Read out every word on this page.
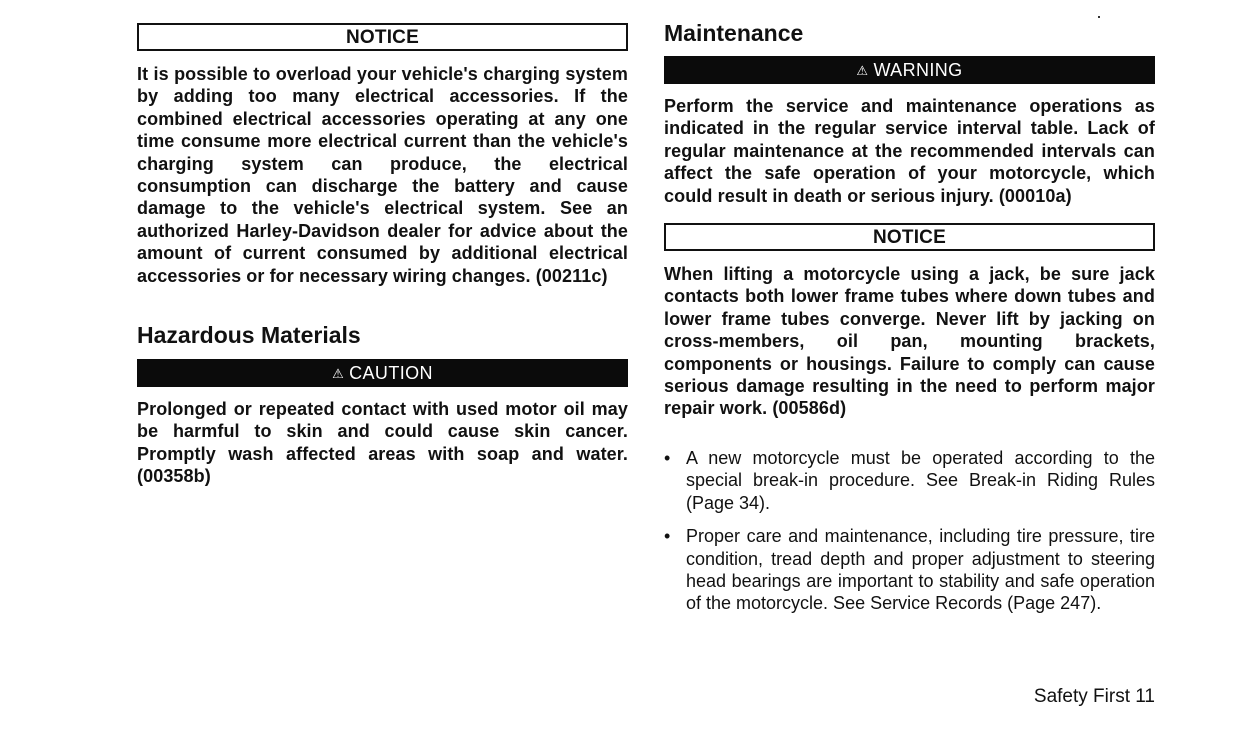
NOTICE

It is possible to overload your vehicle's charging system by adding too many electrical accessories. If the combined electrical accessories operating at any one time consume more electrical current than the vehicle's charging system can produce, the electrical consumption can discharge the battery and cause damage to the vehicle's electrical system. See an authorized Harley-Davidson dealer for advice about the amount of current consumed by additional electrical accessories or for necessary wiring changes. (00211c)

Hazardous Materials
⚠ CAUTION

Prolonged or repeated contact with used motor oil may be harmful to skin and could cause skin cancer. Promptly wash affected areas with soap and water. (00358b)

Maintenance
⚠ WARNING

Perform the service and maintenance operations as indicated in the regular service interval table. Lack of regular maintenance at the recommended intervals can affect the safe operation of your motorcycle, which could result in death or serious injury. (00010a)

NOTICE

When lifting a motorcycle using a jack, be sure jack contacts both lower frame tubes where down tubes and lower frame tubes converge. Never lift by jacking on cross-members, oil pan, mounting brackets, components or housings. Failure to comply can cause serious damage resulting in the need to perform major repair work. (00586d)

• A new motorcycle must be operated according to the special break-in procedure. See Break-in Riding Rules (Page 34).
• Proper care and maintenance, including tire pressure, tire condition, tread depth and proper adjustment to steering head bearings are important to stability and safe operation of the motorcycle. See Service Records (Page 247).
Safety First 11
